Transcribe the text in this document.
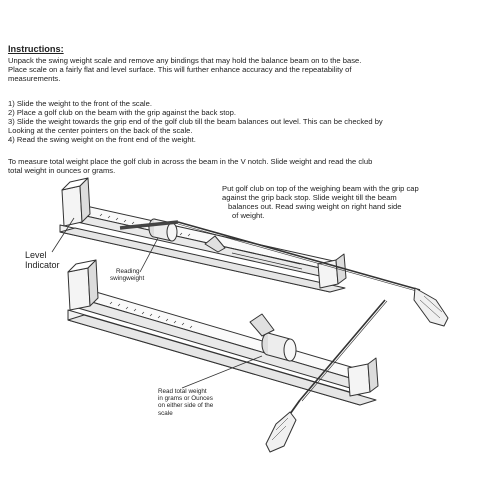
Instructions:

Unpack the swing weight scale and remove any bindings that may hold the balance beam on to the base.
Place scale on a fairly flat and level surface. This will further enhance accuracy and the repeatability of
measurements.

1) Slide the weight to the front of the scale.
2) Place a golf club on the beam with the grip against the back stop.
3) Slide the weight towards the grip end of the golf club till the beam balances out level. This can be checked by
Looking at the center pointers on the back of the scale.
4) Read the swing weight on the front end of the weight.

To measure total weight place the golf club in across the beam in the V notch. Slide weight and read the club
total weight in ounces or grams.

Put golf club on top of the weighing beam with the grip cap
against the grip back stop. Slide weight till the beam
balances out. Read swing weight on right hand side
of weight.

Level
Indicator

Reading
swingweight

Read total weight
in grams or Ounces
on either side of the
scale
